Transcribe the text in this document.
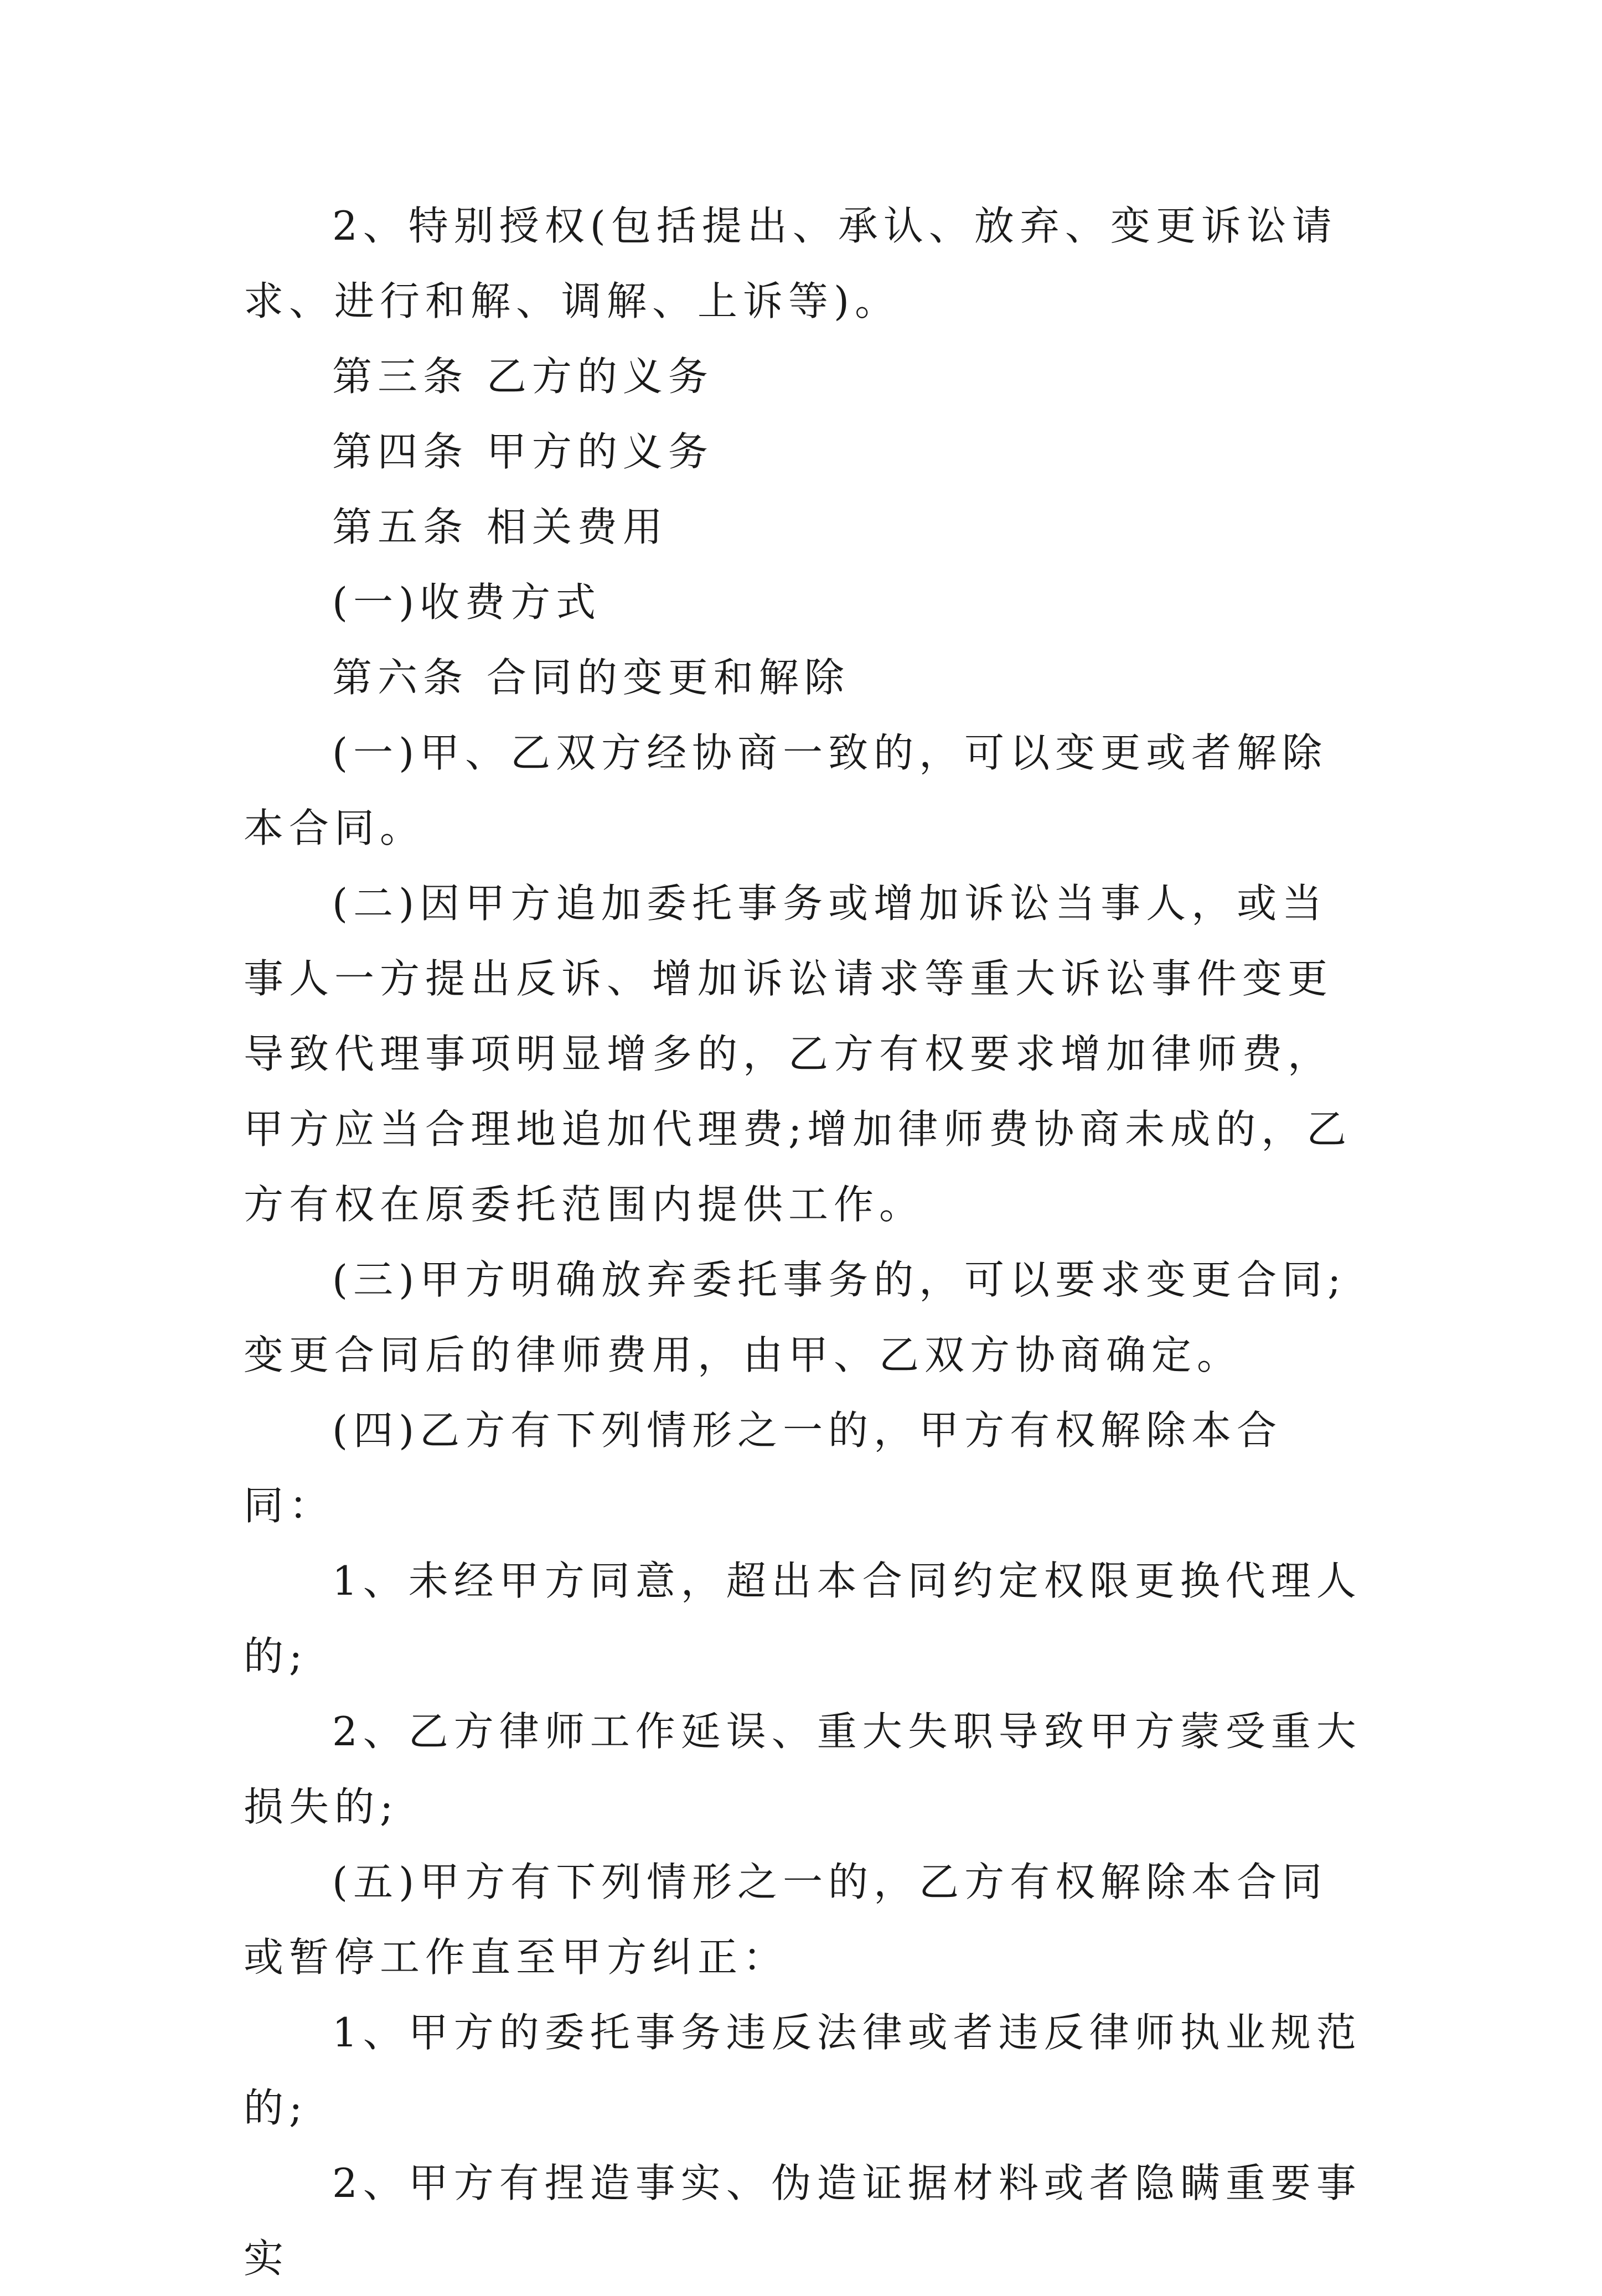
2、特别授权(包括提出、承认、放弃、变更诉讼请求、进行和解、调解、上诉等)。

第三条 乙方的义务

第四条 甲方的义务

第五条 相关费用

(一)收费方式

第六条 合同的变更和解除

(一)甲、乙双方经协商一致的，可以变更或者解除本合同。

(二)因甲方追加委托事务或增加诉讼当事人，或当事人一方提出反诉、增加诉讼请求等重大诉讼事件变更导致代理事项明显增多的，乙方有权要求增加律师费，甲方应当合理地追加代理费;增加律师费协商未成的，乙方有权在原委托范围内提供工作。

(三)甲方明确放弃委托事务的，可以要求变更合同;变更合同后的律师费用，由甲、乙双方协商确定。

(四)乙方有下列情形之一的，甲方有权解除本合同：

1、未经甲方同意，超出本合同约定权限更换代理人的;

2、乙方律师工作延误、重大失职导致甲方蒙受重大损失的;

(五)甲方有下列情形之一的，乙方有权解除本合同或暂停工作直至甲方纠正：

1、甲方的委托事务违反法律或者违反律师执业规范的;

2、甲方有捏造事实、伪造证据材料或者隐瞒重要事实
